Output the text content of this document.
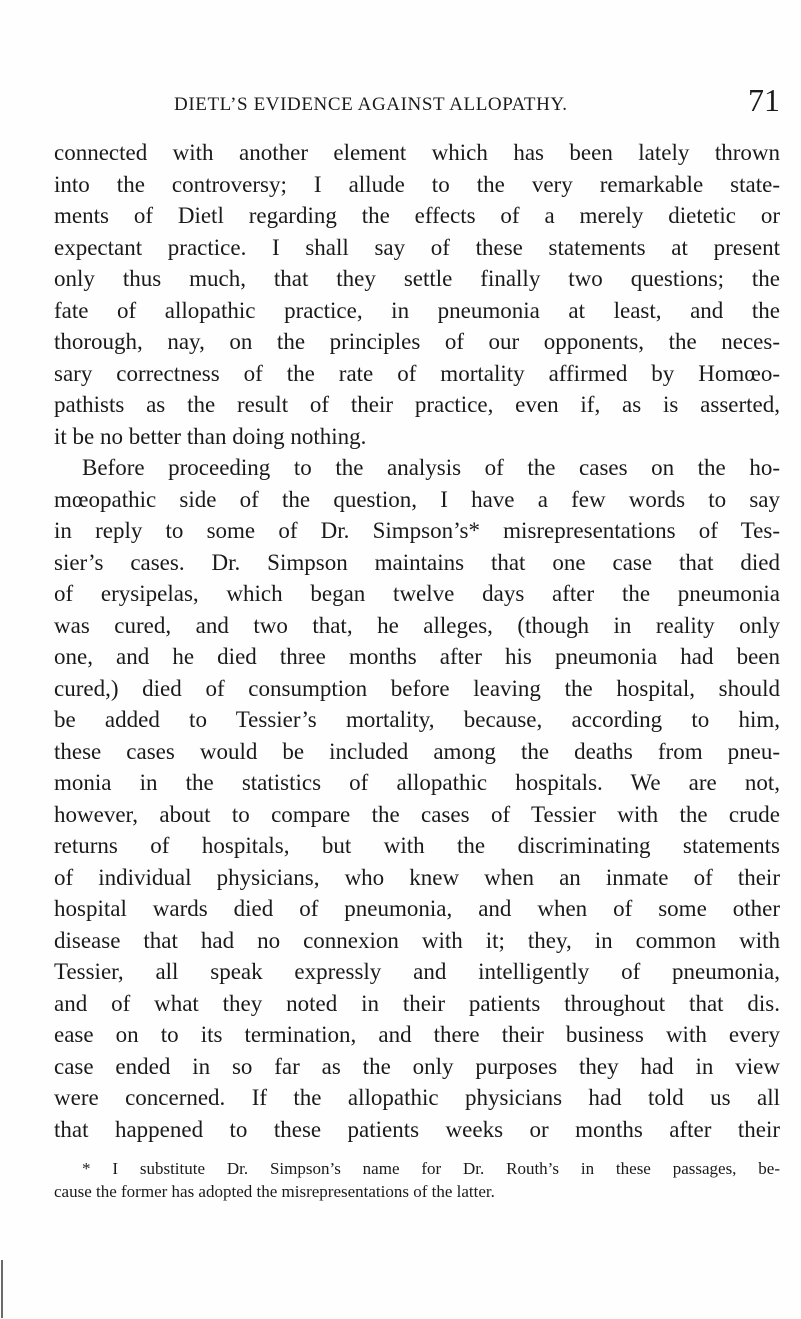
DIETL’S EVIDENCE AGAINST ALLOPATHY.	71
connected with another element which has been lately thrown
into the controversy; I allude to the very remarkable state-
ments of Dietl regarding the effects of a merely dietetic or
expectant practice. I shall say of these statements at present
only thus much, that they settle finally two questions; the
fate of allopathic practice, in pneumonia at least, and the
thorough, nay, on the principles of our opponents, the neces-
sary correctness of the rate of mortality affirmed by Homœo-
pathists as the result of their practice, even if, as is asserted,
it be no better than doing nothing.
Before proceeding to the analysis of the cases on the ho-
mœopathic side of the question, I have a few words to say
in reply to some of Dr. Simpson’s* misrepresentations of Tes-
sier’s cases. Dr. Simpson maintains that one case that died
of erysipelas, which began twelve days after the pneumonia
was cured, and two that, he alleges, (though in reality only
one, and he died three months after his pneumonia had been
cured,) died of consumption before leaving the hospital, should
be added to Tessier’s mortality, because, according to him,
these cases would be included among the deaths from pneu-
monia in the statistics of allopathic hospitals. We are not,
however, about to compare the cases of Tessier with the crude
returns of hospitals, but with the discriminating statements
of individual physicians, who knew when an inmate of their
hospital wards died of pneumonia, and when of some other
disease that had no connexion with it; they, in common with
Tessier, all speak expressly and intelligently of pneumonia,
and of what they noted in their patients throughout that dis.
ease on to its termination, and there their business with every
case ended in so far as the only purposes they had in view
were concerned. If the allopathic physicians had told us all
that happened to these patients weeks or months after their
* I substitute Dr. Simpson’s name for Dr. Routh’s in these passages, be-
cause the former has adopted the misrepresentations of the latter.
